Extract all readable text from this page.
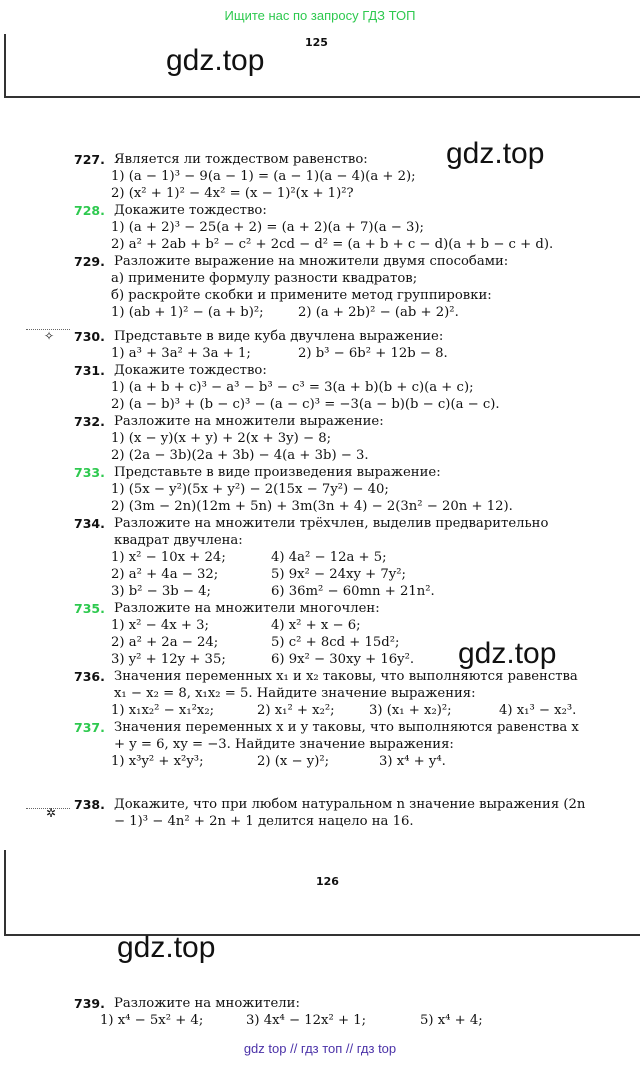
Ищите нас по запросу ГДЗ ТОП
125
gdz.top
gdz.top
gdz.top
✧
✲
727. Является ли тождеством равенство:
1) (a − 1)³ − 9(a − 1) = (a − 1)(a − 4)(a + 2);
2) (x² + 1)² − 4x² = (x − 1)²(x + 1)²?
728. Докажите тождество:
1) (a + 2)³ − 25(a + 2) = (a + 2)(a + 7)(a − 3);
2) a² + 2ab + b² − c² + 2cd − d² = (a + b + c − d)(a + b − c + d).
729. Разложите выражение на множители двумя способами:
а) примените формулу разности квадратов;
б) раскройте скобки и примените метод группировки:
1) (ab + 1)² − (a + b)²;	2) (a + 2b)² − (ab + 2)².
730. Представьте в виде куба двучлена выражение:
1) a³ + 3a² + 3a + 1;	2) b³ − 6b² + 12b − 8.
731. Докажите тождество:
1) (a + b + c)³ − a³ − b³ − c³ = 3(a + b)(b + c)(a + c);
2) (a − b)³ + (b − c)³ − (a − c)³ = −3(a − b)(b − c)(a − c).
732. Разложите на множители выражение:
1) (x − y)(x + y) + 2(x + 3y) − 8;
2) (2a − 3b)(2a + 3b) − 4(a + 3b) − 3.
733. Представьте в виде произведения выражение:
1) (5x − y²)(5x + y²) − 2(15x − 7y²) − 40;
2) (3m − 2n)(12m + 5n) + 3m(3n + 4) − 2(3n² − 20n + 12).
734. Разложите на множители трёхчлен, выделив предварительно квадрат двучлена:
1) x² − 10x + 24;	4) 4a² − 12a + 5;
2) a² + 4a − 32;	5) 9x² − 24xy + 7y²;
3) b² − 3b − 4;	6) 36m² − 60mn + 21n².
735. Разложите на множители многочлен:
1) x² − 4x + 3;	4) x² + x − 6;
2) a² + 2a − 24;	5) c² + 8cd + 15d²;
3) y² + 12y + 35;	6) 9x² − 30xy + 16y².
736. Значения переменных x₁ и x₂ таковы, что выполняются равенства x₁ − x₂ = 8, x₁x₂ = 5. Найдите значение выражения:
1) x₁x₂² − x₁²x₂;	2) x₁² + x₂²;	3) (x₁ + x₂)²;	4) x₁³ − x₂³.
737. Значения переменных x и y таковы, что выполняются равенства x + y = 6, xy = −3. Найдите значение выражения:
1) x³y² + x²y³;	2) (x − y)²;	3) x⁴ + y⁴.
738. Докажите, что при любом натуральном n значение выражения (2n − 1)³ − 4n² + 2n + 1 делится нацело на 16.
126
gdz.top
739. Разложите на множители:
1) x⁴ − 5x² + 4;	3) 4x⁴ − 12x² + 1;	5) x⁴ + 4;
gdz top // гдз топ // гдз top
